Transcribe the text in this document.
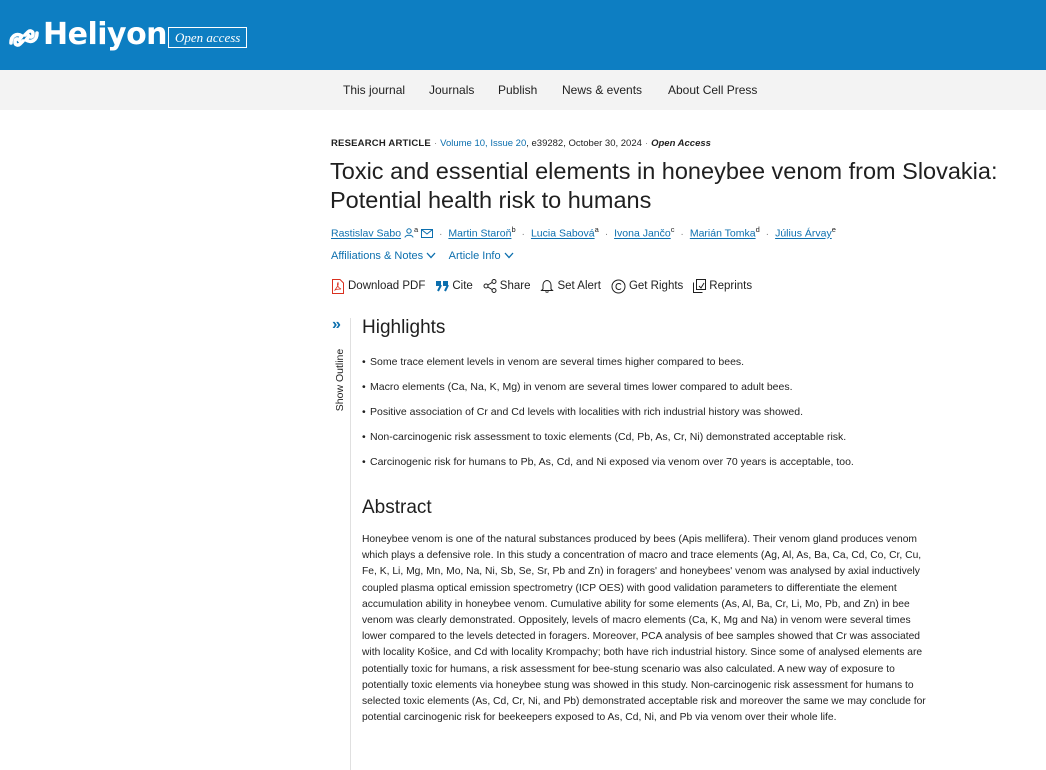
Heliyon Open access
This journal Journals Publish News & events About Cell Press
RESEARCH ARTICLE · Volume 10, Issue 20, e39282, October 30, 2024 · Open Access
Toxic and essential elements in honeybee venom from Slovakia: Potential health risk to humans
Rastislav Sabo $^a$ · Martin Staroň$^b$ · Lucia Sabová$^a$ · Ivona Jančo$^c$ · Marián Tomka$^d$ · Július Árvay$^e$
Affiliations & Notes Article Info
Download PDF Cite Share Set Alert Get Rights Reprints
»
Show Outline
Highlights
• Some trace element levels in venom are several times higher compared to bees.
• Macro elements (Ca, Na, K, Mg) in venom are several times lower compared to adult bees.
• Positive association of Cr and Cd levels with localities with rich industrial history was showed.
• Non-carcinogenic risk assessment to toxic elements (Cd, Pb, As, Cr, Ni) demonstrated acceptable risk.
• Carcinogenic risk for humans to Pb, As, Cd, and Ni exposed via venom over 70 years is acceptable, too.
Abstract
Honeybee venom is one of the natural substances produced by bees (Apis mellifera). Their venom gland produces venom
which plays a defensive role. In this study a concentration of macro and trace elements (Ag, Al, As, Ba, Ca, Cd, Co, Cr, Cu,
Fe, K, Li, Mg, Mn, Mo, Na, Ni, Sb, Se, Sr, Pb and Zn) in foragers' and honeybees' venom was analysed by axial inductively
coupled plasma optical emission spectrometry (ICP OES) with good validation parameters to differentiate the element
accumulation ability in honeybee venom. Cumulative ability for some elements (As, Al, Ba, Cr, Li, Mo, Pb, and Zn) in bee
venom was clearly demonstrated. Oppositely, levels of macro elements (Ca, K, Mg and Na) in venom were several times
lower compared to the levels detected in foragers. Moreover, PCA analysis of bee samples showed that Cr was associated
with locality Košice, and Cd with locality Krompachy; both have rich industrial history. Since some of analysed elements are
potentially toxic for humans, a risk assessment for bee-stung scenario was also calculated. A new way of exposure to
potentially toxic elements via honeybee stung was showed in this study. Non-carcinogenic risk assessment for humans to
selected toxic elements (As, Cd, Cr, Ni, and Pb) demonstrated acceptable risk and moreover the same we may conclude for
potential carcinogenic risk for beekeepers exposed to As, Cd, Ni, and Pb via venom over their whole life.
